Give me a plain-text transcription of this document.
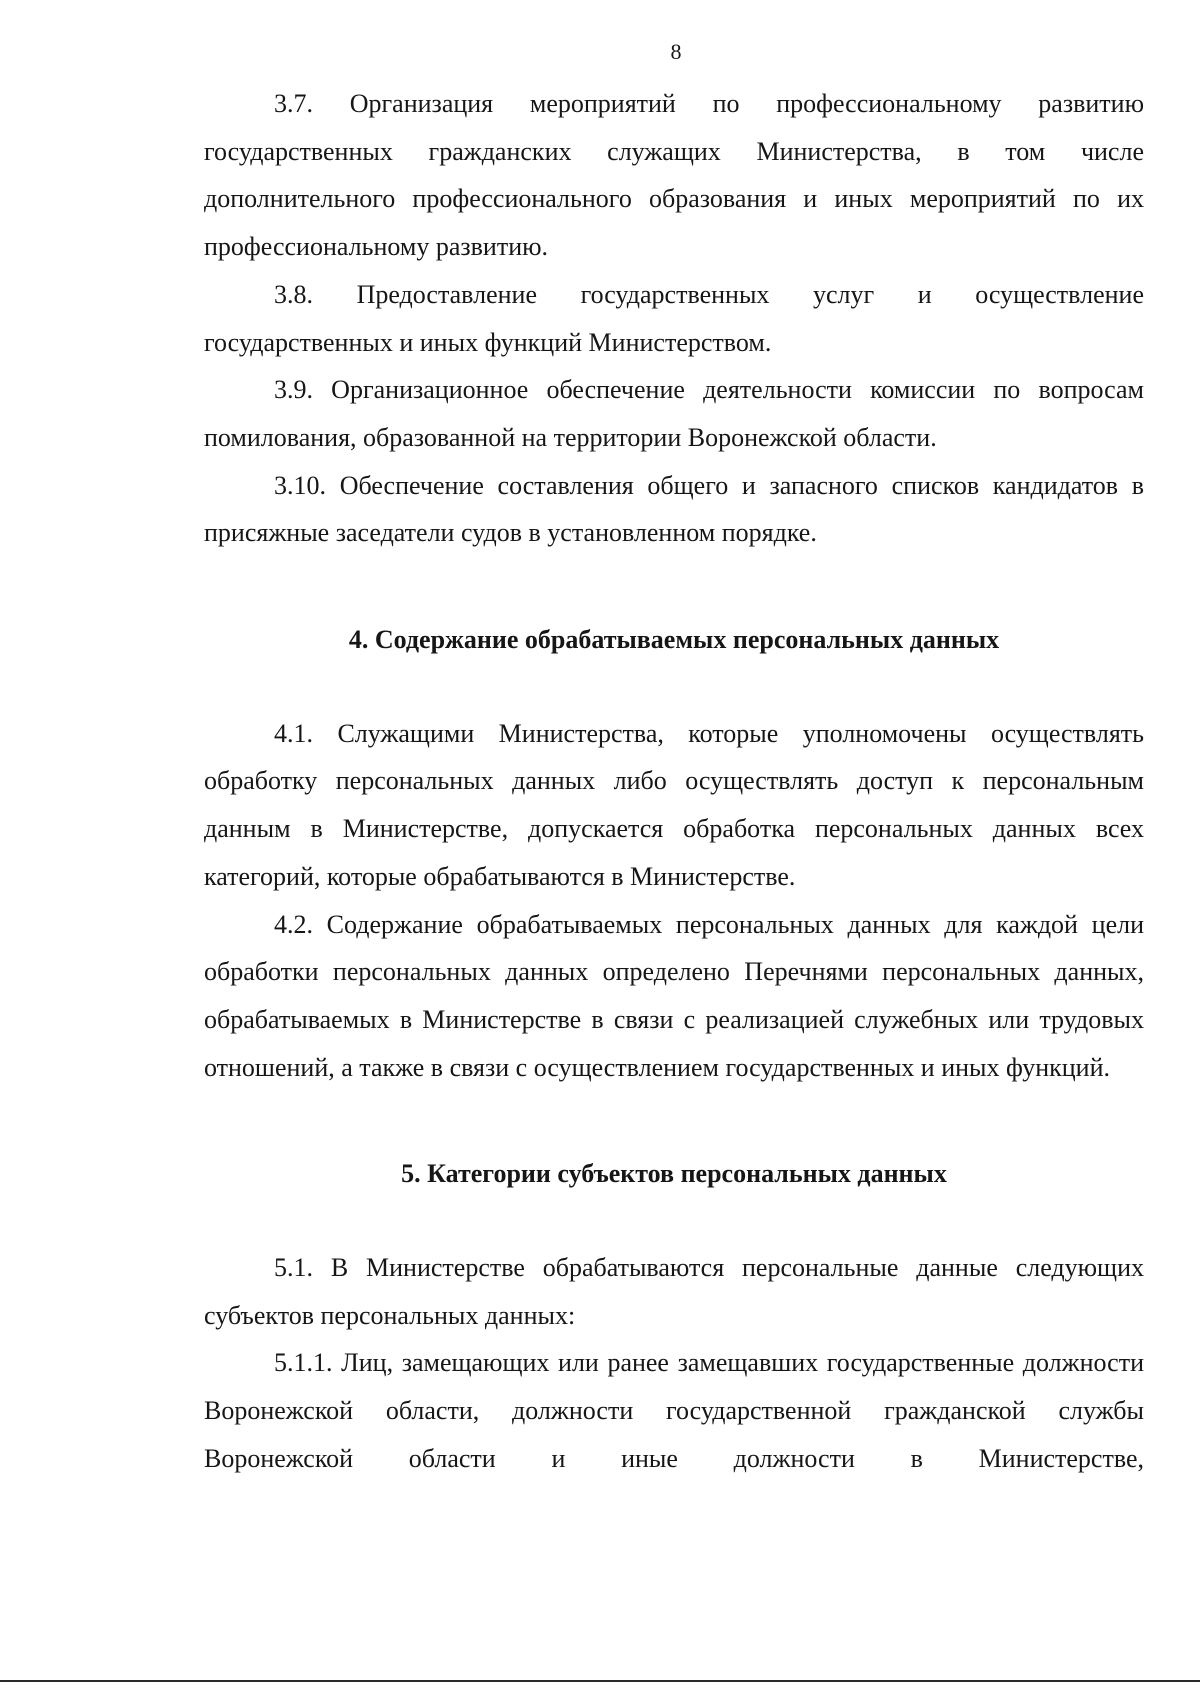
8

3.7. Организация мероприятий по профессиональному развитию государственных гражданских служащих Министерства, в том числе дополнительного профессионального образования и иных мероприятий по их профессиональному развитию.

3.8. Предоставление государственных услуг и осуществление государственных и иных функций Министерством.

3.9. Организационное обеспечение деятельности комиссии по вопросам помилования, образованной на территории Воронежской области.

3.10. Обеспечение составления общего и запасного списков кандидатов в присяжные заседатели судов в установленном порядке.

4. Содержание обрабатываемых персональных данных

4.1. Служащими Министерства, которые уполномочены осуществлять обработку персональных данных либо осуществлять доступ к персональным данным в Министерстве, допускается обработка персональных данных всех категорий, которые обрабатываются в Министерстве.

4.2. Содержание обрабатываемых персональных данных для каждой цели обработки персональных данных определено Перечнями персональных данных, обрабатываемых в Министерстве в связи с реализацией служебных или трудовых отношений, а также в связи с осуществлением государственных и иных функций.

5. Категории субъектов персональных данных

5.1. В Министерстве обрабатываются персональные данные следующих субъектов персональных данных:

5.1.1. Лиц, замещающих или ранее замещавших государственные должности Воронежской области, должности государственной гражданской службы Воронежской области и иные должности в Министерстве,
